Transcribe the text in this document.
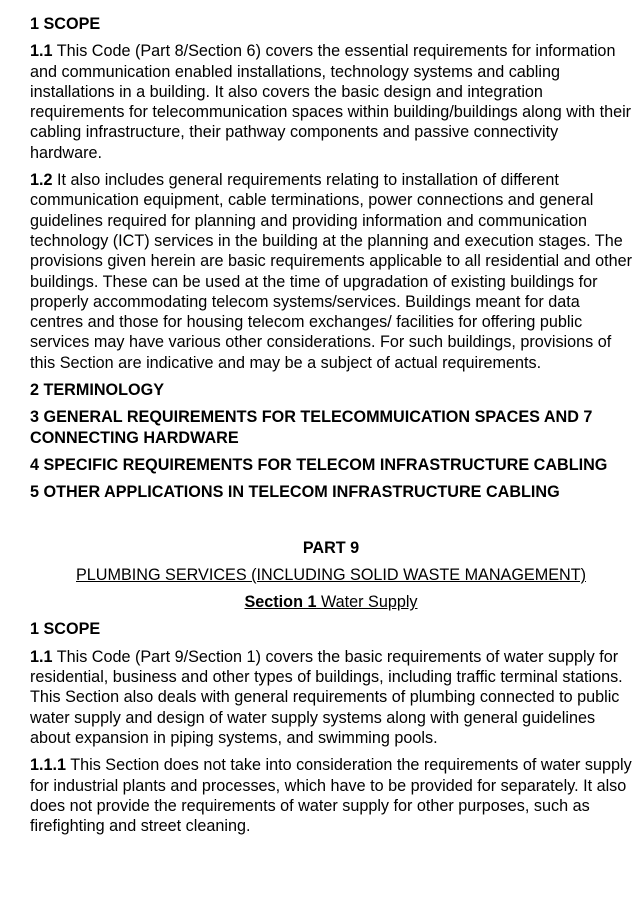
1 SCOPE
1.1 This Code (Part 8/Section 6) covers the essential requirements for information and communication enabled installations, technology systems and cabling installations in a building. It also covers the basic design and integration requirements for telecommunication spaces within building/buildings along with their cabling infrastructure, their pathway components and passive connectivity hardware.
1.2 It also includes general requirements relating to installation of different communication equipment, cable terminations, power connections and general guidelines required for planning and providing information and communication technology (ICT) services in the building at the planning and execution stages. The provisions given herein are basic requirements applicable to all residential and other buildings. These can be used at the time of upgradation of existing buildings for properly accommodating telecom systems/services. Buildings meant for data centres and those for housing telecom exchanges/ facilities for offering public services may have various other considerations. For such buildings, provisions of this Section are indicative and may be a subject of actual requirements.
2 TERMINOLOGY
3 GENERAL REQUIREMENTS FOR TELECOMMUICATION SPACES AND 7 CONNECTING HARDWARE
4 SPECIFIC REQUIREMENTS FOR TELECOM INFRASTRUCTURE CABLING
5 OTHER APPLICATIONS IN TELECOM INFRASTRUCTURE CABLING
PART 9
PLUMBING SERVICES (INCLUDING SOLID WASTE MANAGEMENT)
Section 1 Water Supply
1 SCOPE
1.1 This Code (Part 9/Section 1) covers the basic requirements of water supply for residential, business and other types of buildings, including traffic terminal stations. This Section also deals with general requirements of plumbing connected to public water supply and design of water supply systems along with general guidelines about expansion in piping systems, and swimming pools.
1.1.1 This Section does not take into consideration the requirements of water supply for industrial plants and processes, which have to be provided for separately. It also does not provide the requirements of water supply for other purposes, such as firefighting and street cleaning.
